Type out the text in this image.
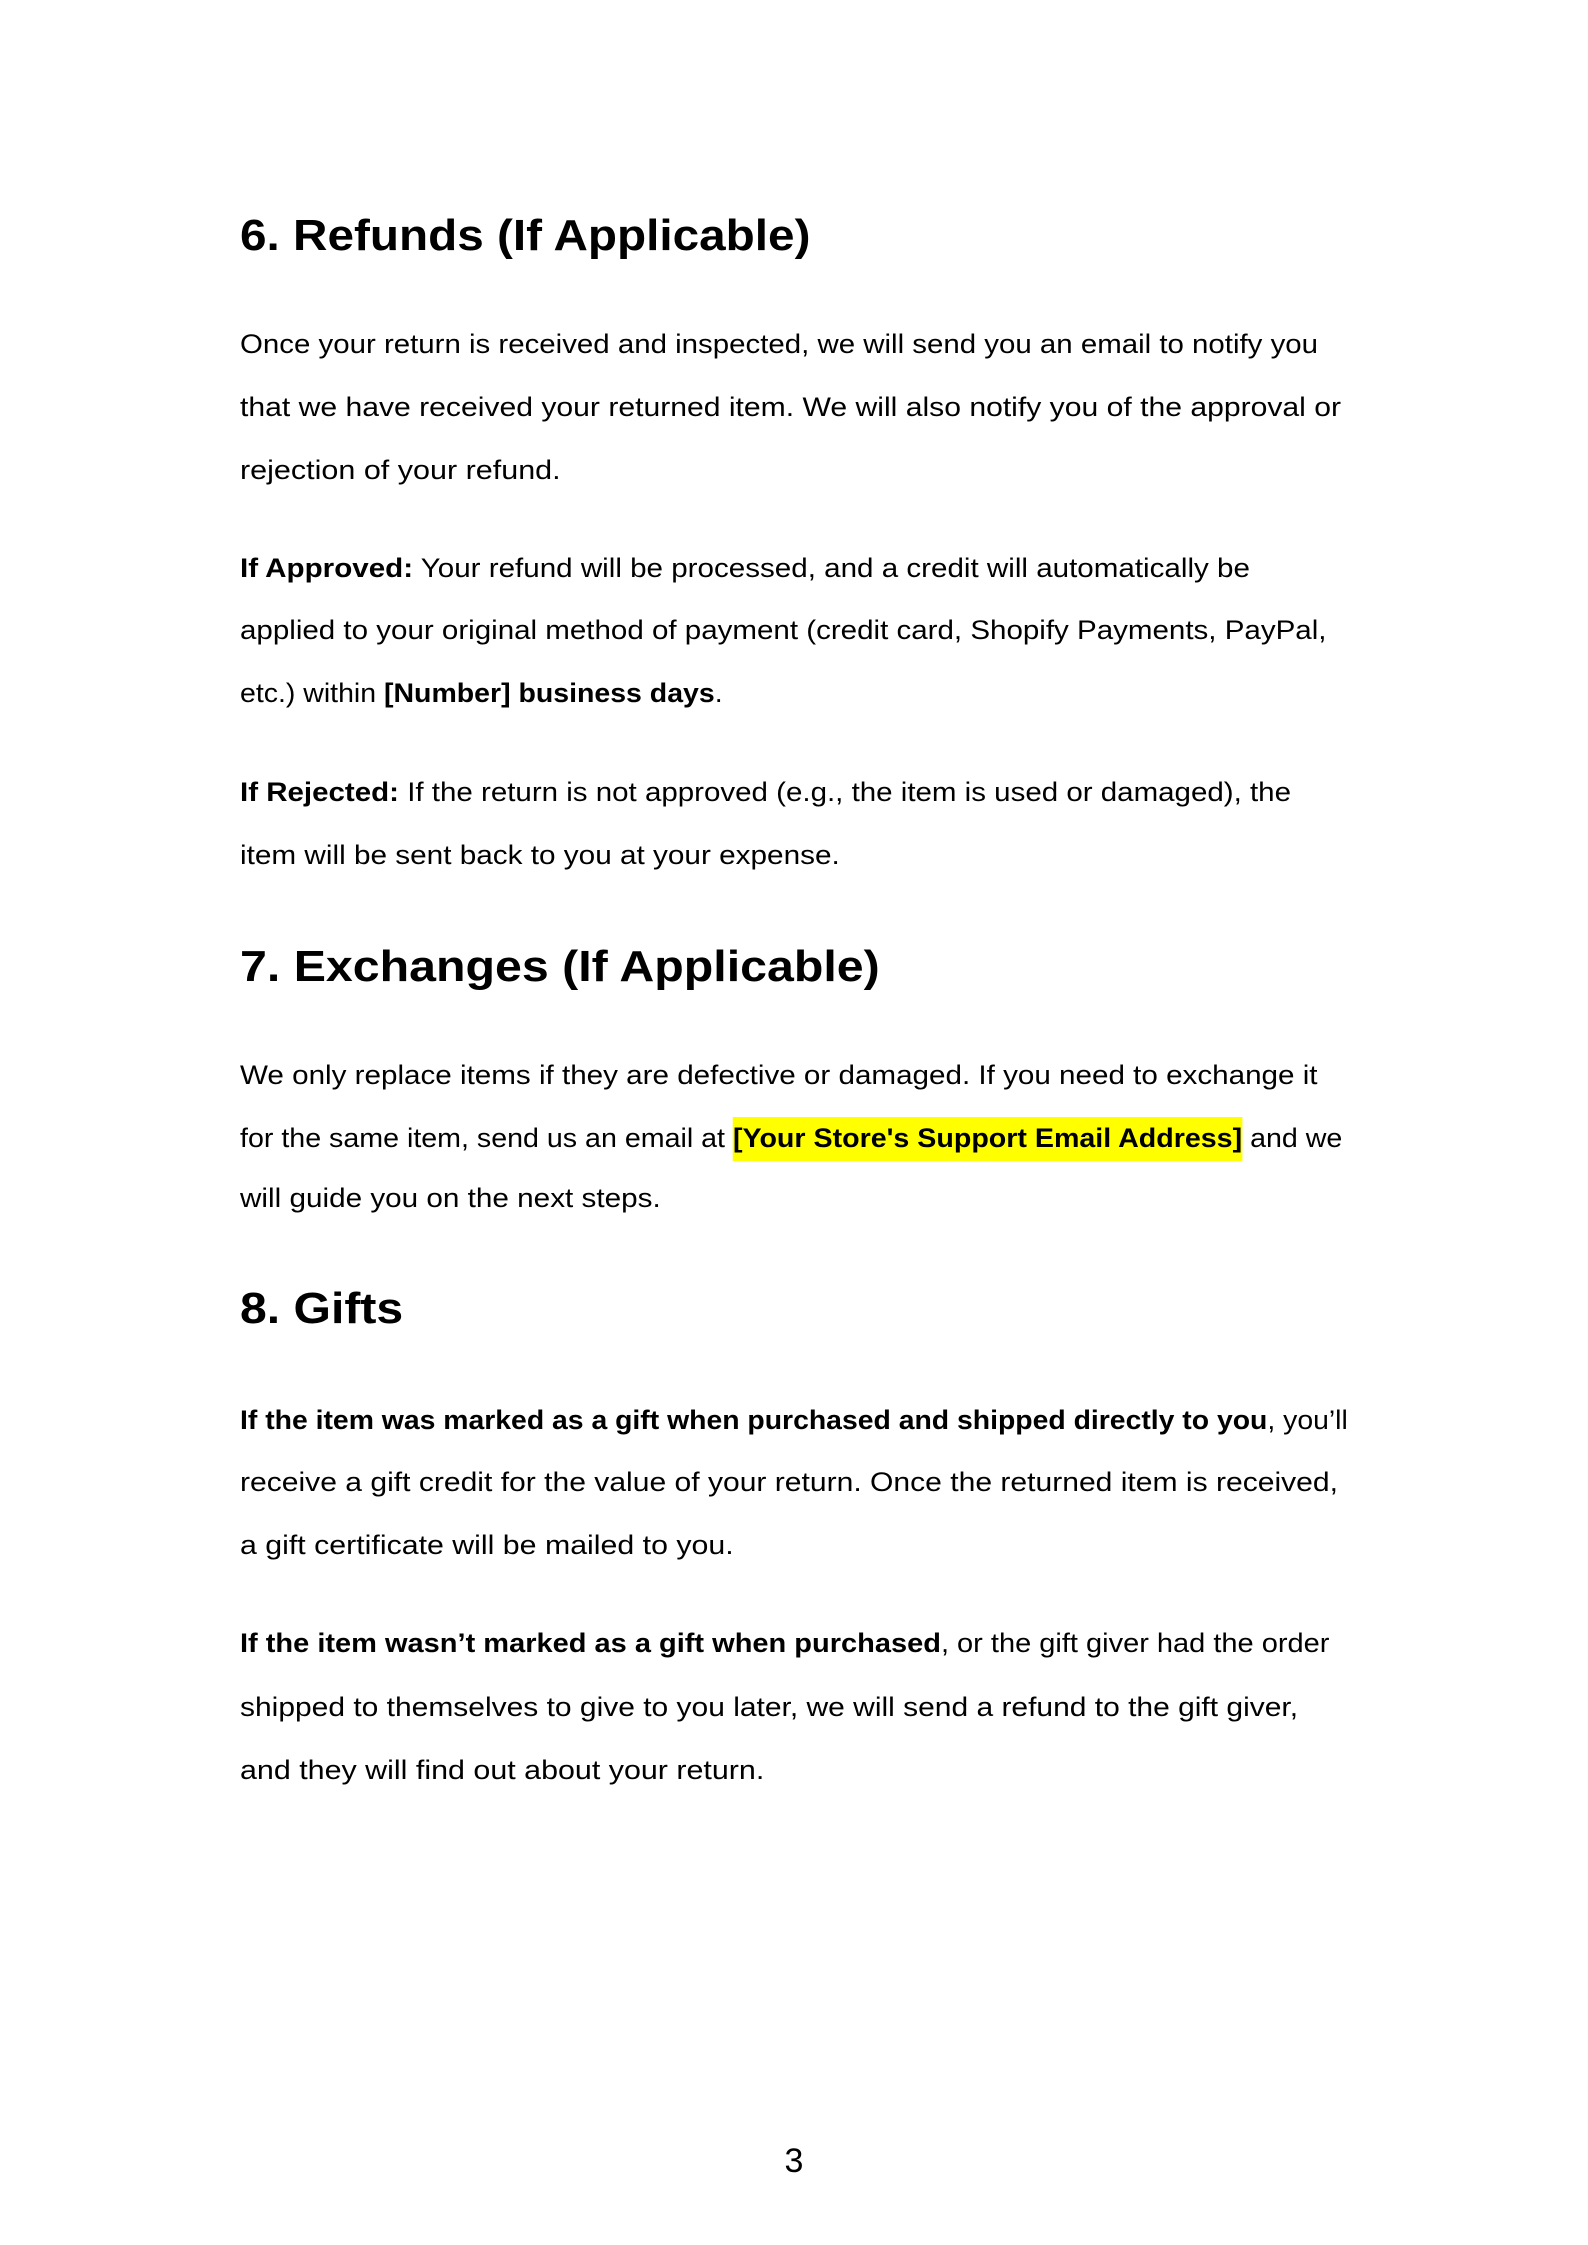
6. Refunds (If Applicable)

Once your return is received and inspected, we will send you an email to notify you

that we have received your returned item. We will also notify you of the approval or

rejection of your refund.

If Approved: Your refund will be processed, and a credit will automatically be

applied to your original method of payment (credit card, Shopify Payments, PayPal,

etc.) within [Number] business days.

If Rejected: If the return is not approved (e.g., the item is used or damaged), the

item will be sent back to you at your expense.

7. Exchanges (If Applicable)

We only replace items if they are defective or damaged. If you need to exchange it

for the same item, send us an email at [Your Store's Support Email Address] and we

will guide you on the next steps.

8. Gifts

If the item was marked as a gift when purchased and shipped directly to you, you’ll

receive a gift credit for the value of your return. Once the returned item is received,

a gift certificate will be mailed to you.

If the item wasn’t marked as a gift when purchased, or the gift giver had the order

shipped to themselves to give to you later, we will send a refund to the gift giver,

and they will find out about your return.

3
